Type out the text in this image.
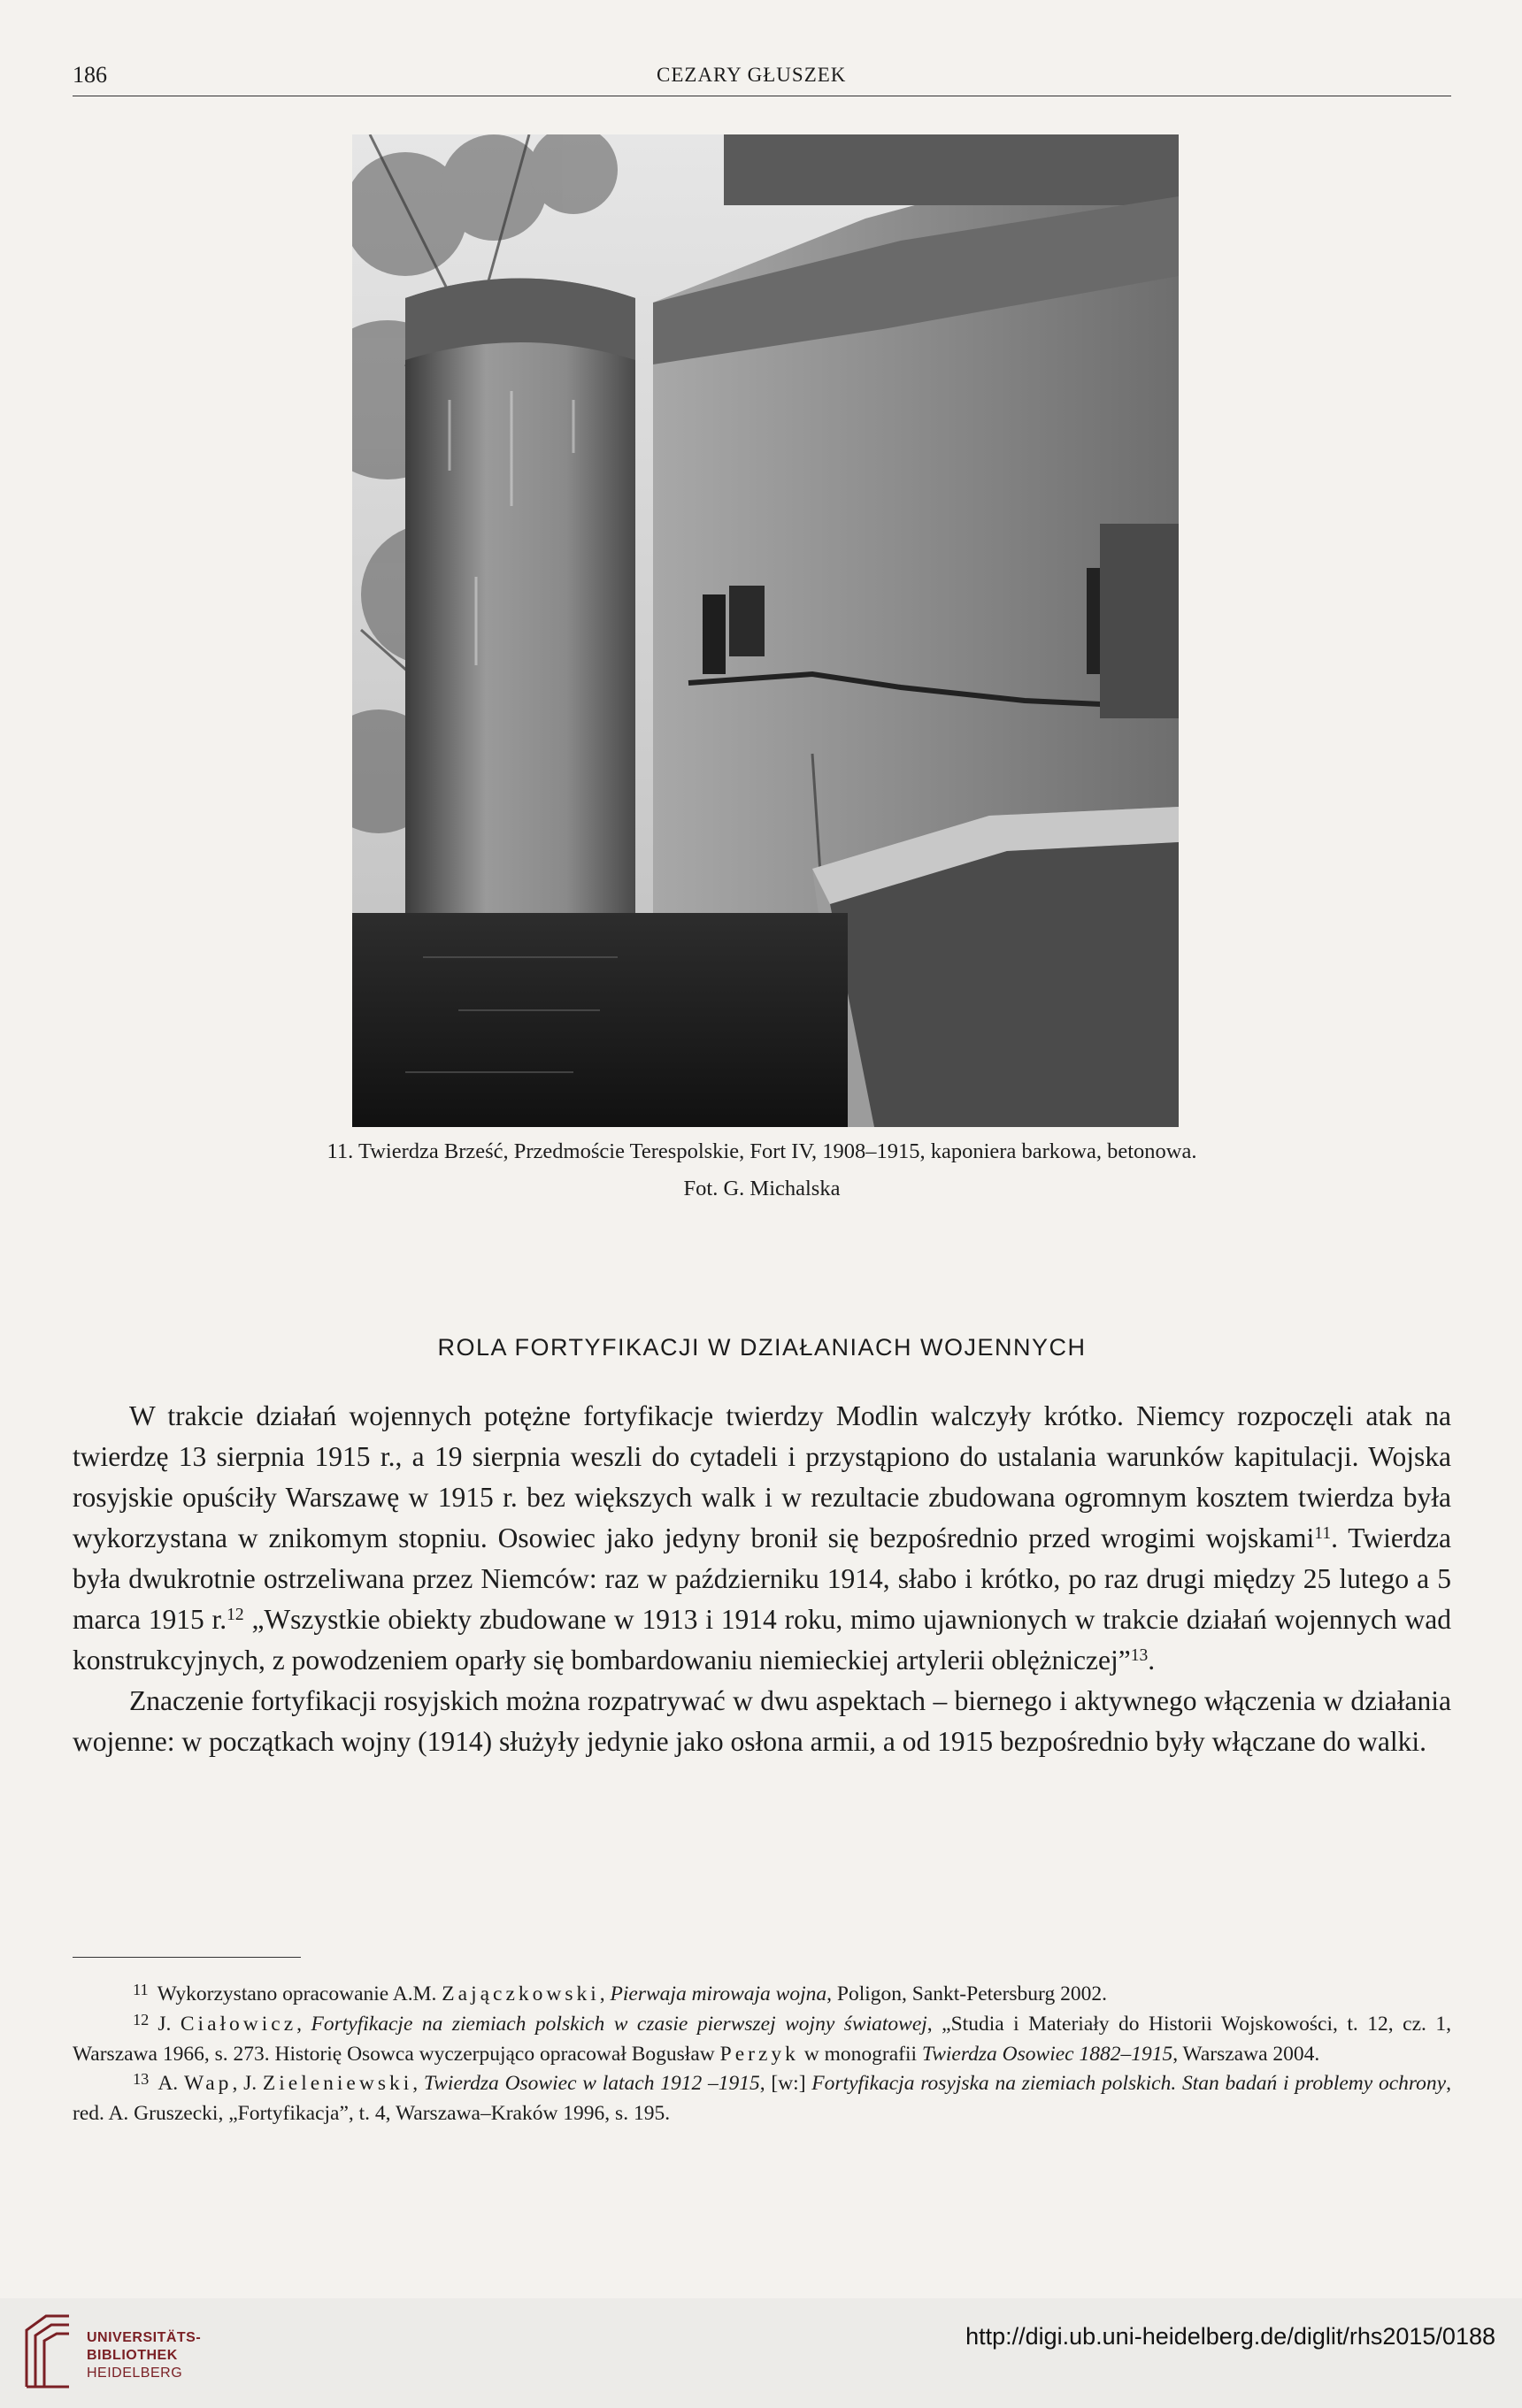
186	CEZARY GŁUSZEK
11. Twierdza Brześć, Przedmoście Terespolskie, Fort IV, 1908–1915, kaponiera barkowa, betonowa.
Fot. G. Michalska
ROLA FORTYFIKACJI W DZIAŁANIACH WOJENNYCH

W trakcie działań wojennych potężne fortyfikacje twierdzy Modlin walczyły krótko. Niemcy rozpoczęli atak na twierdzę 13 sierpnia 1915 r., a 19 sierpnia weszli do cytadeli i przystąpiono do ustalania warunków kapitulacji. Wojska rosyjskie opuściły Warszawę w 1915 r. bez większych walk i w rezultacie zbudowana ogromnym kosztem twierdza była wykorzystana w znikomym stopniu. Osowiec jako jedyny bronił się bezpośrednio przed wrogimi wojskami$^{11}$. Twierdza była dwukrotnie ostrzeliwana przez Niemców: raz w październiku 1914, słabo i krótko, po raz drugi między 25 lutego a 5 marca 1915 r.$^{12}$ „Wszystkie obiekty zbudowane w 1913 i 1914 roku, mimo ujawnionych w trakcie działań wojennych wad konstrukcyjnych, z powodzeniem oparły się bombardowaniu niemieckiej artylerii oblężniczej”$^{13}$.

Znaczenie fortyfikacji rosyjskich można rozpatrywać w dwu aspektach – biernego i aktywnego włączenia w działania wojenne: w początkach wojny (1914) służyły jedynie jako osłona armii, a od 1915 bezpośrednio były włączane do walki.

$^{11}$ Wykorzystano opracowanie A.M. Zajączkowski, Pierwaja mirowaja wojna, Poligon, Sankt-Petersburg 2002.

$^{12}$ J. Ciałowicz, Fortyfikacje na ziemiach polskich w czasie pierwszej wojny światowej, „Studia i Materiały do Historii Wojskowości, t. 12, cz. 1, Warszawa 1966, s. 273. Historię Osowca wyczerpująco opracował Bogusław Perzyk w monografii Twierdza Osowiec 1882–1915, Warszawa 2004.

$^{13}$ A. Wap, J. Zieleniewski, Twierdza Osowiec w latach 1912 –1915, [w:] Fortyfikacja rosyjska na ziemiach polskich. Stan badań i problemy ochrony, red. A. Gruszecki, „Fortyfikacja”, t. 4, Warszawa–Kraków 1996, s. 195.

UNIVERSITÄTS-
BIBLIOTHEK
HEIDELBERG
http://digi.ub.uni-heidelberg.de/diglit/rhs2015/0188
